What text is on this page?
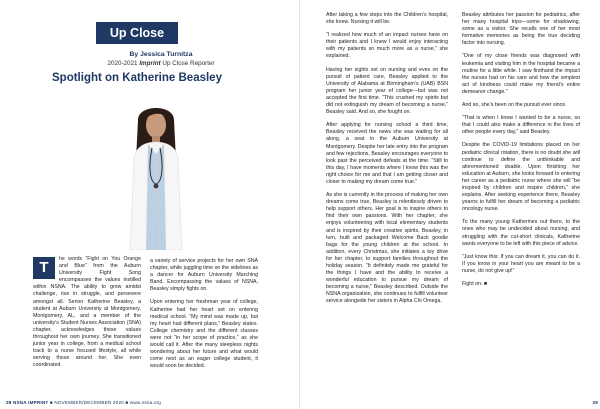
Up Close
By Jessica Turnitza
2020-2021 Imprint Up Close Reporter
Spotlight on Katherine Beasley
T	he words “Fight on You Orange and Blue” from the Auburn University Fight Song encompasses the values instilled within NSNA. The ability to grow amidst challenge, rise in struggle, and persevere amongst all. Senior Katherine Beasley, a student at Auburn University at Montgomery, Montgomery, AL, and a member of the university’s Student Nurses Association (SNA) chapter, acknowledges these values throughout her own journey. She transitioned junior year in college, from a medical school track to a nurse focused lifestyle, all while serving those around her. She even coordinated

a variety of service projects for her own SNA chapter, while juggling time on the sidelines as a dancer for Auburn University Marching Band. Encompassing the values of NSNA, Beasley simply fights on.

Upon entering her freshman year of college, Katherine had her heart set on entering medical school. “My mind was made up, but my heart had different plans,” Beasley states. College chemistry and the different classes were not “in her scope of practice,” as she would call it. After the many sleepless nights wondering about her future and what would come next as an eager college student, it would soon be decided.

38 NSNA IMPRINT ■ NOVEMBER/DECEMBER 2020 ■ www.nsna.org

After taking a few steps into the Children’s hospital, she knew. Nursing it will be.

“I realized how much of an impact nurses have on their patients and I knew I would enjoy interacting with my patients so much more as a nurse,” she explained.

Having her sights set on nursing and eves on the pursuit of patient care, Beasley applied to the University of Alabama at Birmingham’s (UAB) BSN program her junior year of college—but was not accepted the first time. “This crushed my spirits but did not extinguish my dream of becoming a nurse,” Beasley said. And so, she fought on.

After applying for nursing school a third time, Beasley received the news she was waiting for all along, a seat in the Auburn University at Montgomery. Despite her late entry into the program and few rejections, Beasley encourages everyone to look past the perceived defeats at the time. “Still to this day, I have moments where I know this was the right choice for me and that I am getting closer and closer to making my dream come true.”

As she is currently in the process of making her own dreams come true, Beasley is relentlessly driven to help support others. Her goal is to inspire others to find their own passions. With her chapter, she enjoys volunteering with local elementary students and is inspired by their creative spirits. Beasley, in turn, built and packaged Welcome Back goodie bags for the young children at the school. In addition, every Christmas, she initiates a toy drive for her chapter, to support families throughout the holiday season. “It definitely made me grateful for the things I have and the ability to receive a wonderful education to pursue my dream of becoming a nurse,” Beasley described. Outside the NSNA organization, she continues to fulfill volunteer service alongside her sisters in Alpha Chi Omega.

Beasley attributes her passion for pediatrics, after her many hospital trips—some for shadowing, some as a visitor. She recalls one of her most formative memories as being the true deciding factor into nursing.

“One of my close friends was diagnosed with leukemia and visiting him in the hospital became a routine for a little while. I saw firsthand the impact the nurses had on his care and how the simplest act of kindness could make my friend’s entire demeanor change.”

And so, she’s been on the pursuit ever since.

“That is when I knew I wanted to be a nurse, so that I could also make a difference in the lives of other people every day,” said Beasley.

Despite the COVID-19 limitations placed on her pediatric clinical rotation, there is no doubt she will continue to define the unthinkable and aforementioned doable. Upon finishing her education at Auburn, she looks forward to entering her career as a pediatric nurse where she will “be inspired by children and inspire children,” she explains. After seeking experience there, Beasley yearns to fulfill her dream of becoming a pediatric oncology nurse.

To the many young Katherines out there, to the ones who may be undecided about nursing, and struggling with the cut-short clinicals, Katherine wants everyone to be left with this piece of advice.

“Just know this: If you can dream it, you can do it. If you know in your heart you are meant to be a nurse, do not give up!”

Fight on. ■

39
